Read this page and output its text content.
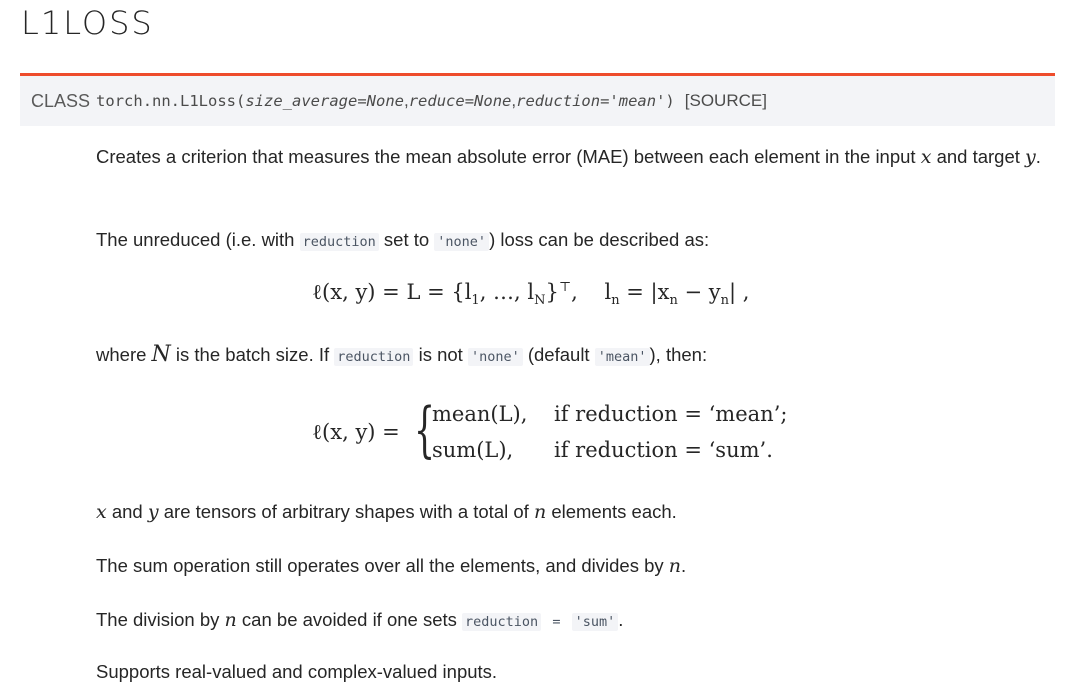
L1LOSS
CLASS torch.nn.L1Loss( size_average=None , reduce=None , reduction='mean' ) [SOURCE]

Creates a criterion that measures the mean absolute error (MAE) between each element in the input x and target y.

The unreduced (i.e. with reduction set to 'none' ) loss can be described as:

where N is the batch size. If reduction is not 'none' (default 'mean' ), then:

x and y are tensors of arbitrary shapes with a total of n elements each.

The sum operation still operates over all the elements, and divides by n.

The division by n can be avoided if one sets reduction = 'sum' .

Supports real-valued and complex-valued inputs.

ℓ(x, $y) = L = \{l_1$, …, $l_N\}^⊤$,    $l_n = |x_n - y_n|$ ,
ℓ(x, y) = {
mean(L), if reduction = ‘mean’;
sum(L), if reduction = ‘sum’.
